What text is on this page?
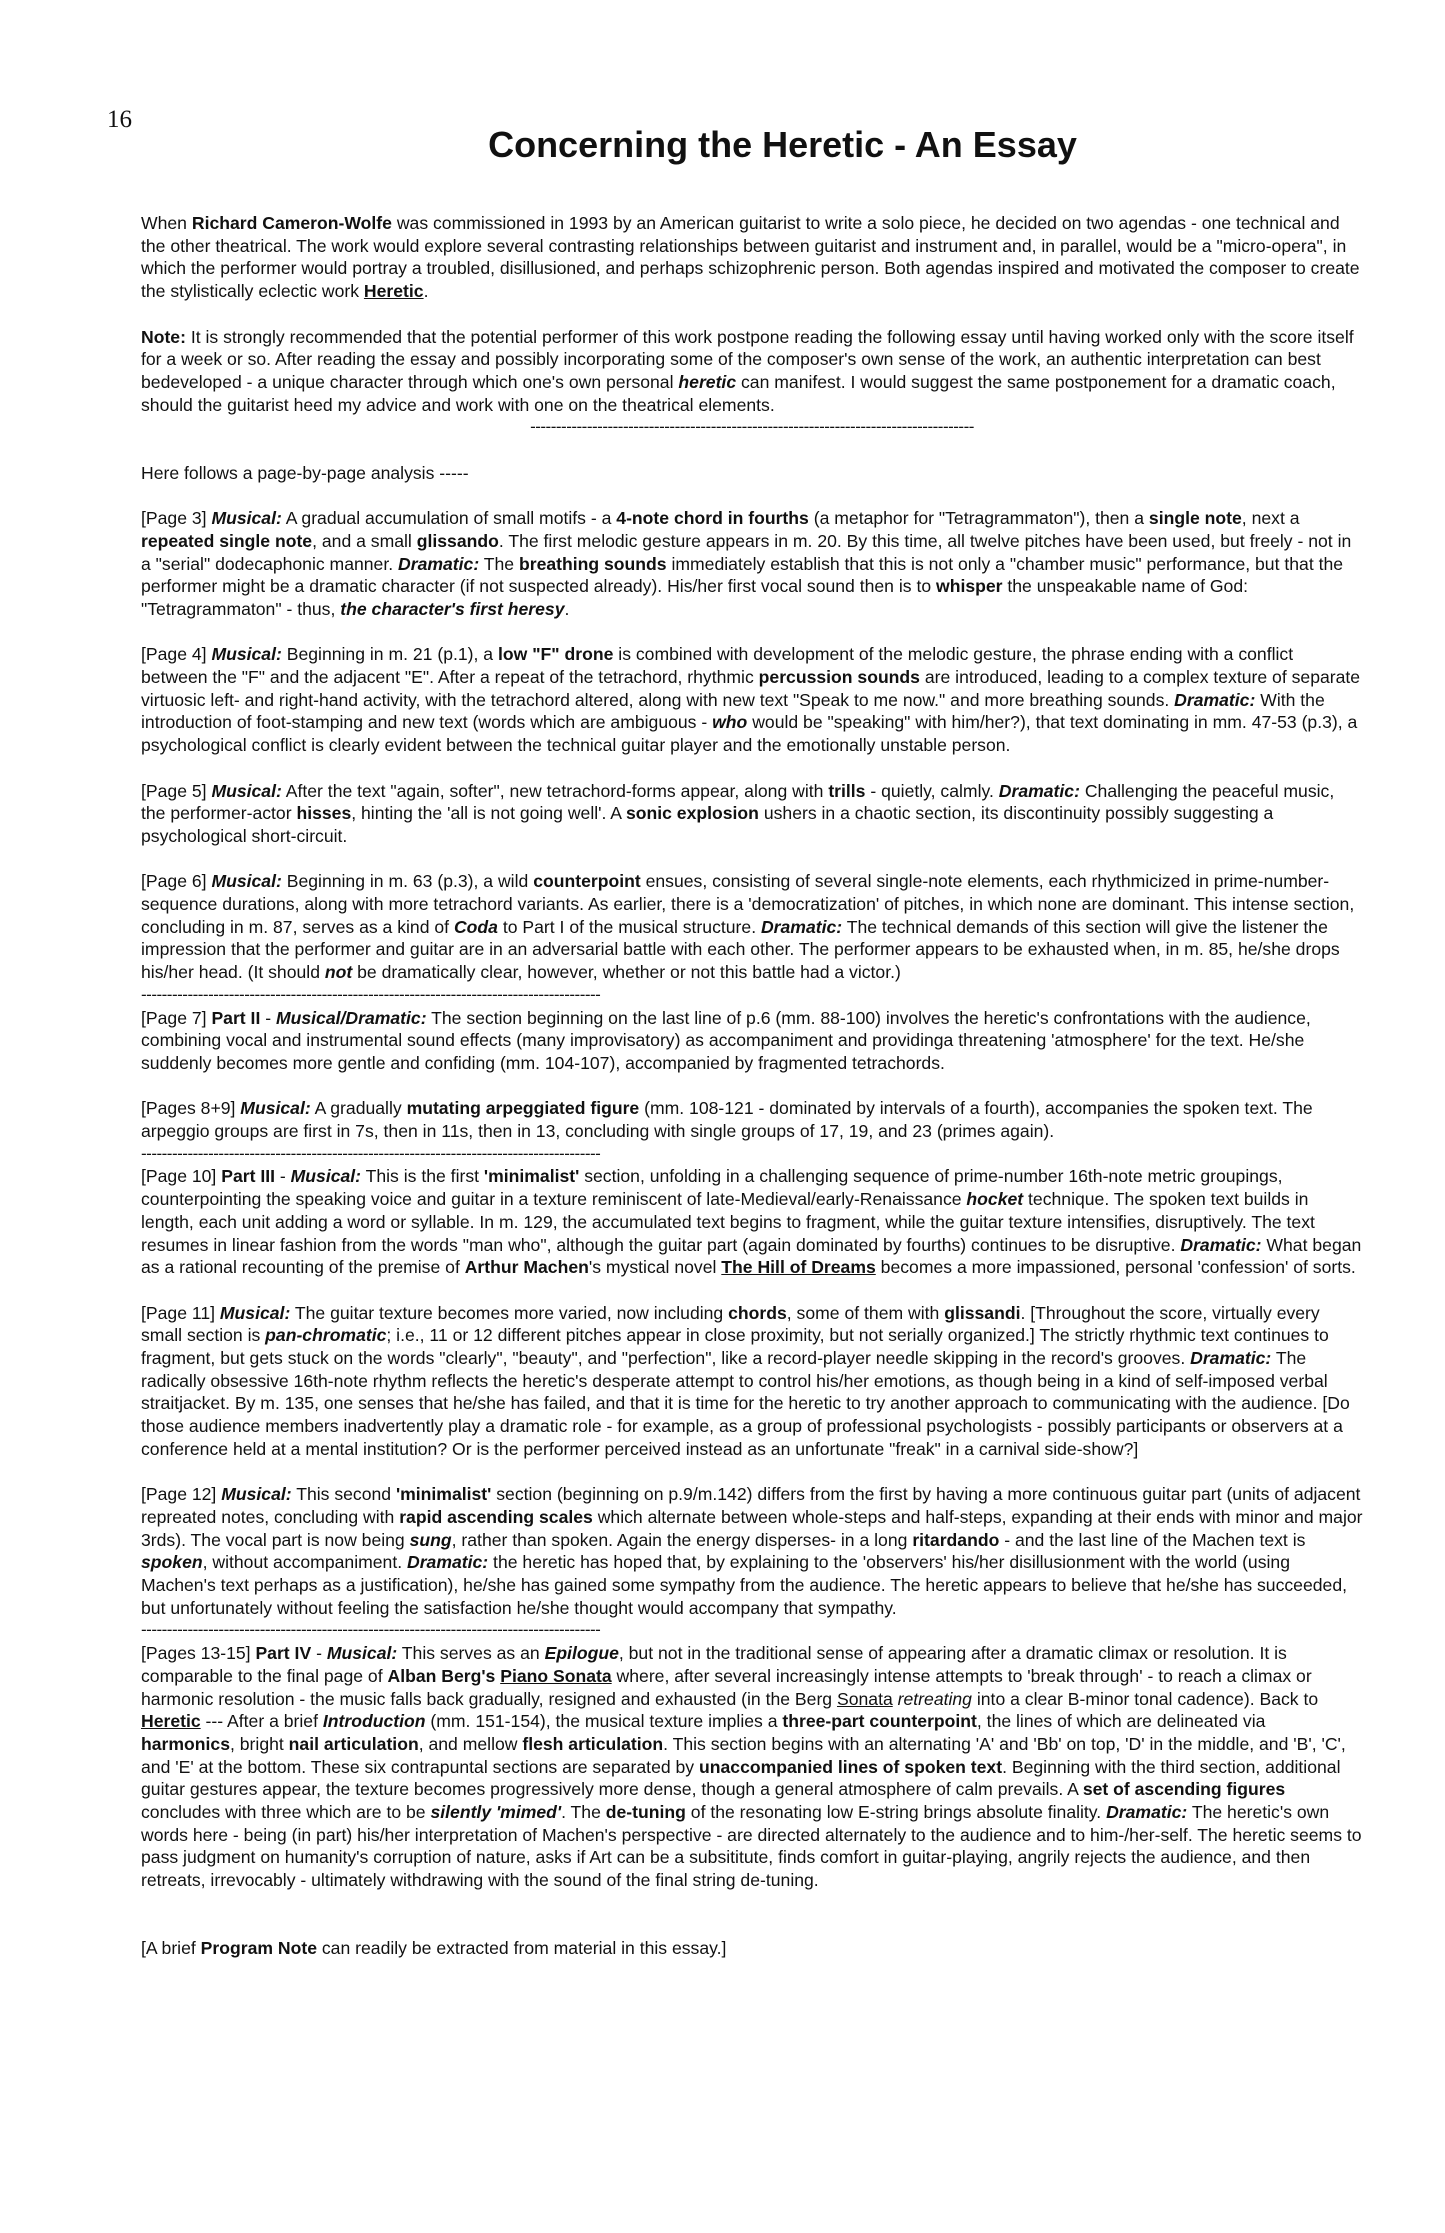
16
Concerning the Heretic - An Essay

When Richard Cameron-Wolfe was commissioned in 1993 by an American guitarist to write a solo piece, he decided on two agendas - one technical and the other theatrical. The work would explore several contrasting relationships between guitarist and instrument and, in parallel, would be a "micro-opera", in which the performer would portray a troubled, disillusioned, and perhaps schizophrenic person. Both agendas inspired and motivated the composer to create the stylistically eclectic work Heretic.

Note: It is strongly recommended that the potential performer of this work postpone reading the following essay until having worked only with the score itself for a week or so. After reading the essay and possibly incorporating some of the composer's own sense of the work, an authentic interpretation can best bedeveloped - a unique character through which one's own personal heretic can manifest. I would suggest the same postponement for a dramatic coach, should the guitarist heed my advice and work with one on the theatrical elements.

--------------------------------------------------------------------------------------

Here follows a page-by-page analysis -----

[Page 3] Musical: A gradual accumulation of small motifs - a 4-note chord in fourths (a metaphor for "Tetragrammaton"), then a single note, next a repeated single note, and a small glissando. The first melodic gesture appears in m. 20. By this time, all twelve pitches have been used, but freely - not in a "serial" dodecaphonic manner. Dramatic: The breathing sounds immediately establish that this is not only a "chamber music" performance, but that the performer might be a dramatic character (if not suspected already). His/her first vocal sound then is to whisper the unspeakable name of God: "Tetragrammaton" - thus, the character's first heresy.

[Page 4] Musical: Beginning in m. 21 (p.1), a low "F" drone is combined with development of the melodic gesture, the phrase ending with a conflict between the "F" and the adjacent "E". After a repeat of the tetrachord, rhythmic percussion sounds are introduced, leading to a complex texture of separate virtuosic left- and right-hand activity, with the tetrachord altered, along with new text "Speak to me now." and more breathing sounds. Dramatic: With the introduction of foot-stamping and new text (words which are ambiguous - who would be "speaking" with him/her?), that text dominating in mm. 47-53 (p.3), a psychological conflict is clearly evident between the technical guitar player and the emotionally unstable person.

[Page 5] Musical: After the text "again, softer", new tetrachord-forms appear, along with trills - quietly, calmly. Dramatic: Challenging the peaceful music, the performer-actor hisses, hinting the 'all is not going well'. A sonic explosion ushers in a chaotic section, its discontinuity possibly suggesting a psychological short-circuit.

[Page 6] Musical: Beginning in m. 63 (p.3), a wild counterpoint ensues, consisting of several single-note elements, each rhythmicized in prime-number-sequence durations, along with more tetrachord variants. As earlier, there is a 'democratization' of pitches, in which none are dominant. This intense section, concluding in m. 87, serves as a kind of Coda to Part I of the musical structure. Dramatic: The technical demands of this section will give the listener the impression that the performer and guitar are in an adversarial battle with each other. The performer appears to be exhausted when, in m. 85, he/she drops his/her head. (It should not be dramatically clear, however, whether or not this battle had a victor.)

-----------------------------------------------------------------------------------------

[Page 7] Part II - Musical/Dramatic: The section beginning on the last line of p.6 (mm. 88-100) involves the heretic's confrontations with the audience, combining vocal and instrumental sound effects (many improvisatory) as accompaniment and providinga threatening 'atmosphere' for the text. He/she suddenly becomes more gentle and confiding (mm. 104-107), accompanied by fragmented tetrachords.

[Pages 8+9] Musical: A gradually mutating arpeggiated figure (mm. 108-121 - dominated by intervals of a fourth), accompanies the spoken text. The arpeggio groups are first in 7s, then in 11s, then in 13, concluding with single groups of 17, 19, and 23 (primes again).

-----------------------------------------------------------------------------------------

[Page 10] Part III - Musical: This is the first 'minimalist' section, unfolding in a challenging sequence of prime-number 16th-note metric groupings, counterpointing the speaking voice and guitar in a texture reminiscent of late-Medieval/early-Renaissance hocket technique. The spoken text builds in length, each unit adding a word or syllable. In m. 129, the accumulated text begins to fragment, while the guitar texture intensifies, disruptively. The text resumes in linear fashion from the words "man who", although the guitar part (again dominated by fourths) continues to be disruptive. Dramatic: What began as a rational recounting of the premise of Arthur Machen's mystical novel The Hill of Dreams becomes a more impassioned, personal 'confession' of sorts.

[Page 11] Musical: The guitar texture becomes more varied, now including chords, some of them with glissandi. [Throughout the score, virtually every small section is pan-chromatic; i.e., 11 or 12 different pitches appear in close proximity, but not serially organized.] The strictly rhythmic text continues to fragment, but gets stuck on the words "clearly", "beauty", and "perfection", like a record-player needle skipping in the record's grooves. Dramatic: The radically obsessive 16th-note rhythm reflects the heretic's desperate attempt to control his/her emotions, as though being in a kind of self-imposed verbal straitjacket. By m. 135, one senses that he/she has failed, and that it is time for the heretic to try another approach to communicating with the audience. [Do those audience members inadvertently play a dramatic role - for example, as a group of professional psychologists - possibly participants or observers at a conference held at a mental institution? Or is the performer perceived instead as an unfortunate "freak" in a carnival side-show?]

[Page 12] Musical: This second 'minimalist' section (beginning on p.9/m.142) differs from the first by having a more continuous guitar part (units of adjacent repreated notes, concluding with rapid ascending scales which alternate between whole-steps and half-steps, expanding at their ends with minor and major 3rds). The vocal part is now being sung, rather than spoken. Again the energy disperses- in a long ritardando - and the last line of the Machen text is spoken, without accompaniment. Dramatic: the heretic has hoped that, by explaining to the 'observers' his/her disillusionment with the world (using Machen's text perhaps as a justification), he/she has gained some sympathy from the audience. The heretic appears to believe that he/she has succeeded, but unfortunately without feeling the satisfaction he/she thought would accompany that sympathy.

-----------------------------------------------------------------------------------------

[Pages 13-15] Part IV - Musical: This serves as an Epilogue, but not in the traditional sense of appearing after a dramatic climax or resolution. It is comparable to the final page of Alban Berg's Piano Sonata where, after several increasingly intense attempts to 'break through' - to reach a climax or harmonic resolution - the music falls back gradually, resigned and exhausted (in the Berg Sonata retreating into a clear B-minor tonal cadence). Back to Heretic --- After a brief Introduction (mm. 151-154), the musical texture implies a three-part counterpoint, the lines of which are delineated via harmonics, bright nail articulation, and mellow flesh articulation. This section begins with an alternating 'A' and 'Bb' on top, 'D' in the middle, and 'B', 'C', and 'E' at the bottom. These six contrapuntal sections are separated by unaccompanied lines of spoken text. Beginning with the third section, additional guitar gestures appear, the texture becomes progressively more dense, though a general atmosphere of calm prevails. A set of ascending figures concludes with three which are to be silently 'mimed'. The de-tuning of the resonating low E-string brings absolute finality. Dramatic: The heretic's own words here - being (in part) his/her interpretation of Machen's perspective - are directed alternately to the audience and to him-/her-self. The heretic seems to pass judgment on humanity's corruption of nature, asks if Art can be a subsititute, finds comfort in guitar-playing, angrily rejects the audience, and then retreats, irrevocably - ultimately withdrawing with the sound of the final string de-tuning.

[A brief Program Note can readily be extracted from material in this essay.]
